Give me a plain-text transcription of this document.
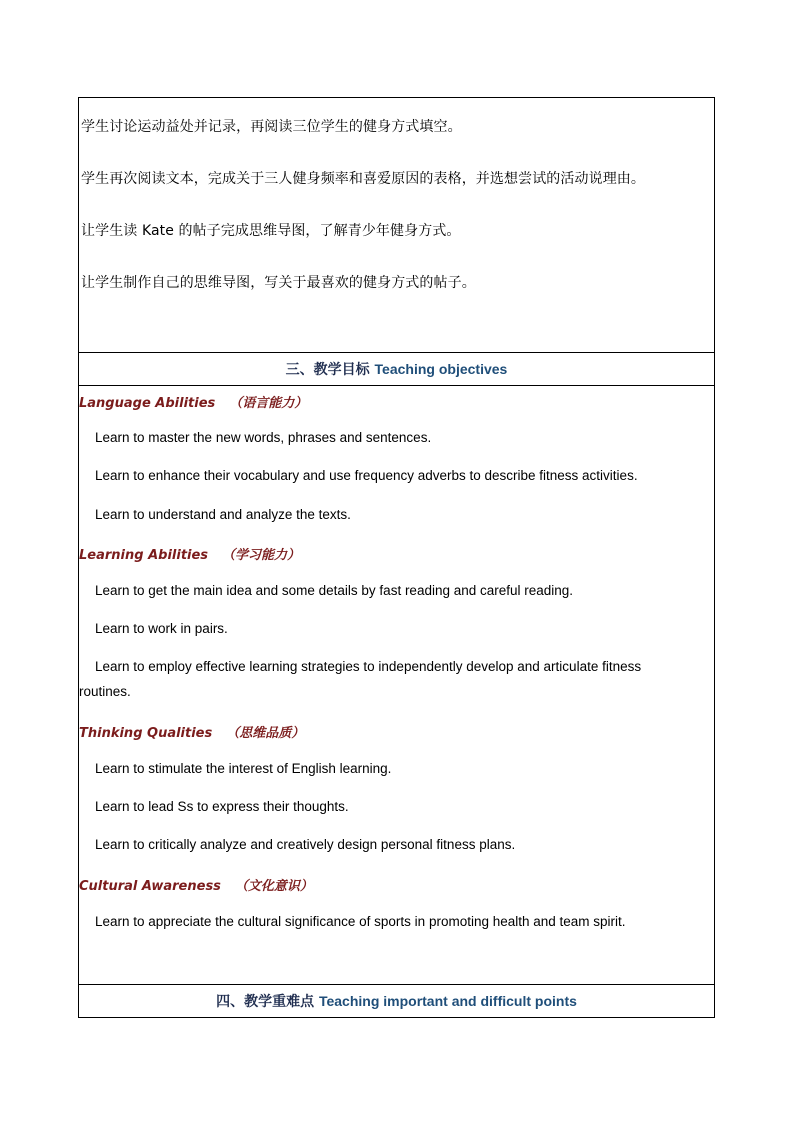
学生讨论运动益处并记录，再阅读三位学生的健身方式填空。
学生再次阅读文本，完成关于三人健身频率和喜爱原因的表格，并选想尝试的活动说理由。
让学生读 Kate 的帖子完成思维导图，了解青少年健身方式。
让学生制作自己的思维导图，写关于最喜欢的健身方式的帖子。

三、教学目标 Teaching objectives

Language Abilities （语言能力）
Learn to master the new words, phrases and sentences.
Learn to enhance their vocabulary and use frequency adverbs to describe fitness activities.
Learn to understand and analyze the texts.
Learning Abilities （学习能力）
Learn to get the main idea and some details by fast reading and careful reading.
Learn to work in pairs.
Learn to employ effective learning strategies to independently develop and articulate fitness
routines.
Thinking Qualities （思维品质）
Learn to stimulate the interest of English learning.
Learn to lead Ss to express their thoughts.
Learn to critically analyze and creatively design personal fitness plans.
Cultural Awareness （文化意识）
Learn to appreciate the cultural significance of sports in promoting health and team spirit.

四、教学重难点 Teaching important and difficult points
